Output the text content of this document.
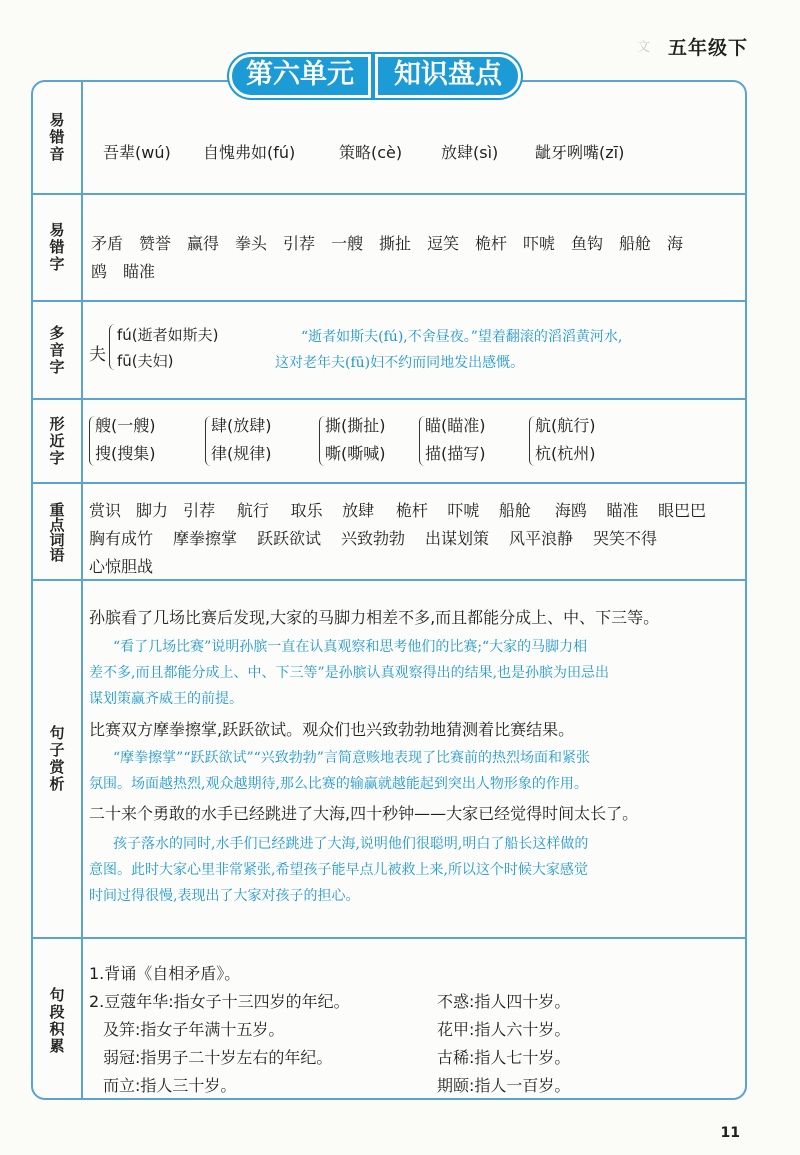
文 五年级下
第六单元	知识盘点
易错音 吾辈(wú) 自愧弗如(fú)	策略(cè) 放肆(sì) 龇牙咧嘴(zī)
易错字 矛盾 赞誉 赢得 拳头 引荐 一艘 撕扯 逗笑 桅杆 吓唬 鱼钩 船舱 海
鸥 瞄准
多音字 夫
fú(逝者如斯夫)
fū(夫妇)
“逝者如斯夫(fú),不舍昼夜。”望着翻滚的滔滔黄河水,
这对老年夫(fū)妇不约而同地发出感慨。
形近字 艘(一艘)
搜(搜集)
肆(放肆)
律(规律)
撕(撕扯)
嘶(嘶喊)
瞄(瞄准)
描(描写)
航(航行)
杭(杭州)
重点词语 赏识 脚力 引荐 航行 取乐 放肆 桅杆 吓唬 船舱 海鸥 瞄准 眼巴巴
胸有成竹 摩拳擦掌 跃跃欲试 兴致勃勃 出谋划策 风平浪静 哭笑不得
心惊胆战
句子赏析
孙膑看了几场比赛后发现,大家的马脚力相差不多,而且都能分成上、中、下三等。
“看了几场比赛”说明孙膑一直在认真观察和思考他们的比赛;“大家的马脚力相
差不多,而且都能分成上、中、下三等”是孙膑认真观察得出的结果,也是孙膑为田忌出
谋划策赢齐威王的前提。
比赛双方摩拳擦掌,跃跃欲试。观众们也兴致勃勃地猜测着比赛结果。
“摩拳擦掌”“跃跃欲试”“兴致勃勃”言简意赅地表现了比赛前的热烈场面和紧张
氛围。场面越热烈,观众越期待,那么比赛的输赢就越能起到突出人物形象的作用。
二十来个勇敢的水手已经跳进了大海,四十秒钟——大家已经觉得时间太长了。
孩子落水的同时,水手们已经跳进了大海,说明他们很聪明,明白了船长这样做的
意图。此时大家心里非常紧张,希望孩子能早点儿被救上来,所以这个时候大家感觉
时间过得很慢,表现出了大家对孩子的担心。
句段积累
1.背诵《自相矛盾》。
2.豆蔻年华:指女子十三四岁的年纪。
及笄:指女子年满十五岁。
弱冠:指男子二十岁左右的年纪。
而立:指人三十岁。
不惑:指人四十岁。
花甲:指人六十岁。
古稀:指人七十岁。
期颐:指人一百岁。
11
